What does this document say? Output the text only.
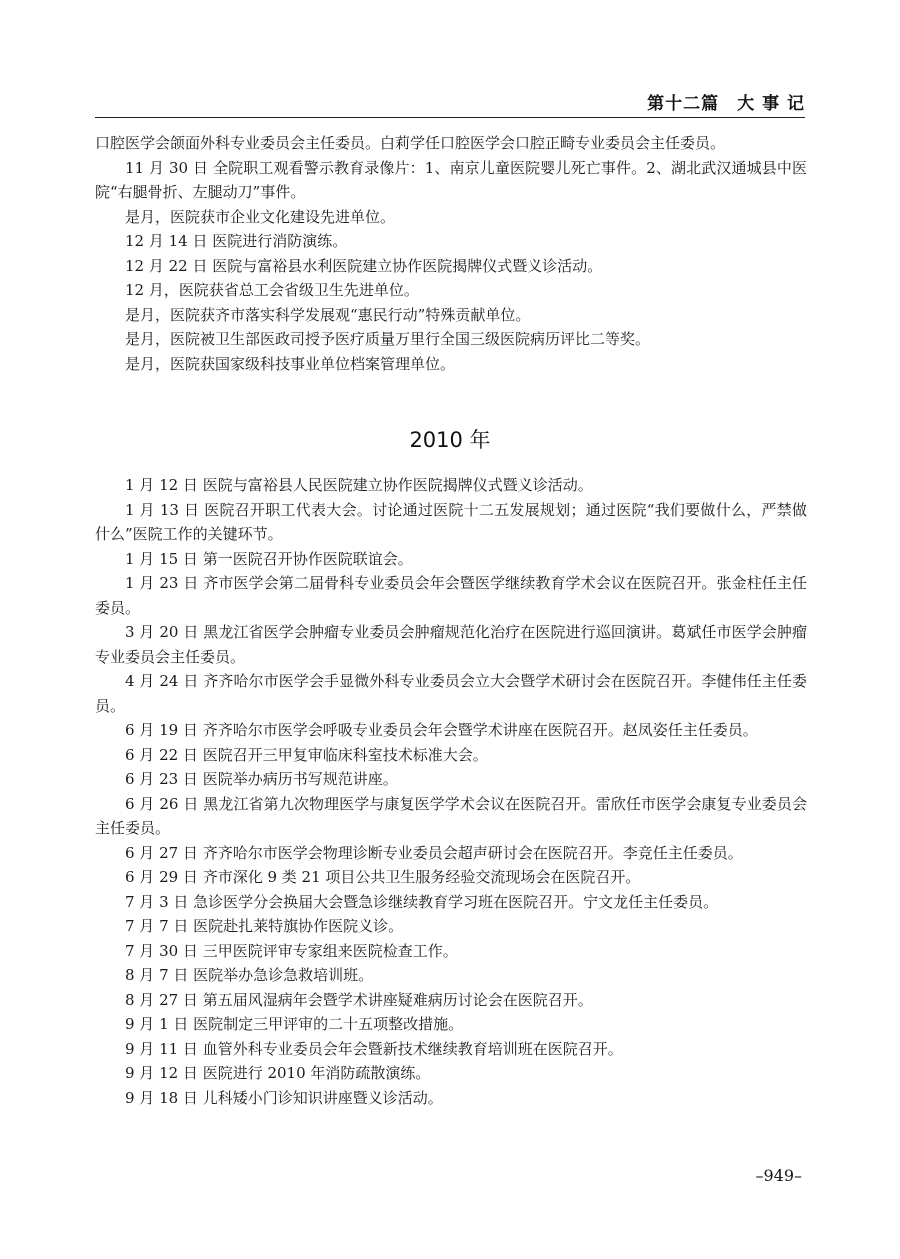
第十二篇　大 事 记

口腔医学会颌面外科专业委员会主任委员。白莉学任口腔医学会口腔正畸专业委员会主任委员。

11 月 30 日 全院职工观看警示教育录像片：1、南京儿童医院婴儿死亡事件。2、湖北武汉通城县中医院“右腿骨折、左腿动刀”事件。

是月，医院获市企业文化建设先进单位。

12 月 14 日 医院进行消防演练。

12 月 22 日 医院与富裕县水利医院建立协作医院揭牌仪式暨义诊活动。

12 月，医院获省总工会省级卫生先进单位。

是月，医院获齐市落实科学发展观“惠民行动”特殊贡献单位。

是月，医院被卫生部医政司授予医疗质量万里行全国三级医院病历评比二等奖。

是月，医院获国家级科技事业单位档案管理单位。

2010 年

1 月 12 日 医院与富裕县人民医院建立协作医院揭牌仪式暨义诊活动。

1 月 13 日 医院召开职工代表大会。讨论通过医院十二五发展规划；通过医院“我们要做什么，严禁做什么”医院工作的关键环节。

1 月 15 日 第一医院召开协作医院联谊会。

1 月 23 日 齐市医学会第二届骨科专业委员会年会暨医学继续教育学术会议在医院召开。张金柱任主任委员。

3 月 20 日 黑龙江省医学会肿瘤专业委员会肿瘤规范化治疗在医院进行巡回演讲。葛斌任市医学会肿瘤专业委员会主任委员。

4 月 24 日 齐齐哈尔市医学会手显微外科专业委员会立大会暨学术研讨会在医院召开。李健伟任主任委员。

6 月 19 日 齐齐哈尔市医学会呼吸专业委员会年会暨学术讲座在医院召开。赵凤姿任主任委员。

6 月 22 日 医院召开三甲复审临床科室技术标准大会。

6 月 23 日 医院举办病历书写规范讲座。

6 月 26 日 黑龙江省第九次物理医学与康复医学学术会议在医院召开。雷欣任市医学会康复专业委员会主任委员。

6 月 27 日 齐齐哈尔市医学会物理诊断专业委员会超声研讨会在医院召开。李竞任主任委员。

6 月 29 日 齐市深化 9 类 21 项目公共卫生服务经验交流现场会在医院召开。

7 月 3 日 急诊医学分会换届大会暨急诊继续教育学习班在医院召开。宁文龙任主任委员。

7 月 7 日 医院赴扎莱特旗协作医院义诊。

7 月 30 日 三甲医院评审专家组来医院检查工作。

8 月 7 日 医院举办急诊急救培训班。

8 月 27 日 第五届风湿病年会暨学术讲座疑难病历讨论会在医院召开。

9 月 1 日 医院制定三甲评审的二十五项整改措施。

9 月 11 日 血管外科专业委员会年会暨新技术继续教育培训班在医院召开。

9 月 12 日 医院进行 2010 年消防疏散演练。

9 月 18 日 儿科矮小门诊知识讲座暨义诊活动。

–949–
